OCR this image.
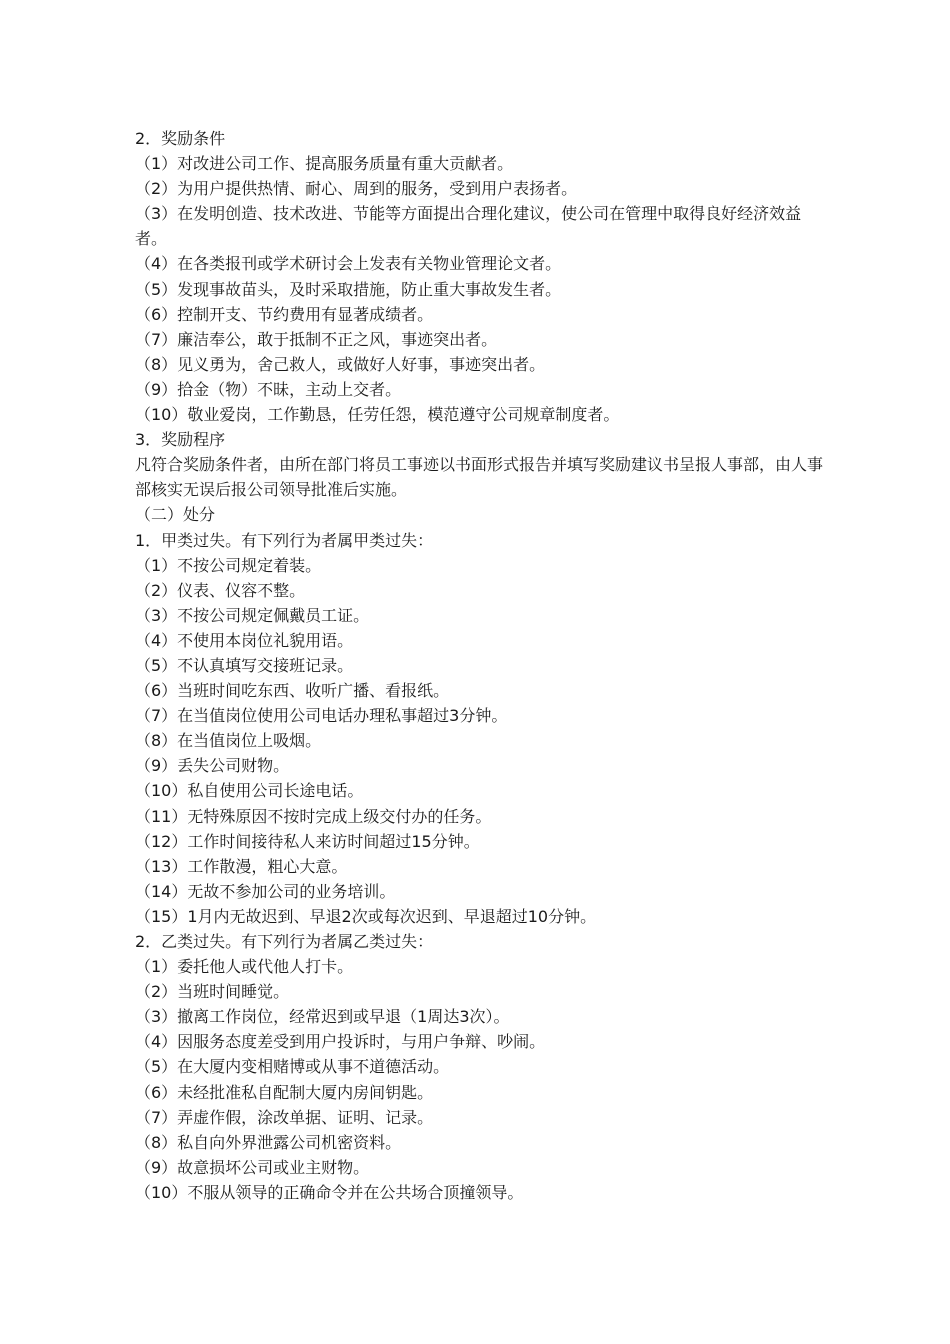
2．奖励条件
（1）对改进公司工作、提高服务质量有重大贡献者。
（2）为用户提供热情、耐心、周到的服务，受到用户表扬者。
（3）在发明创造、技术改进、节能等方面提出合理化建议，使公司在管理中取得良好经济效益者。
（4）在各类报刊或学术研讨会上发表有关物业管理论文者。
（5）发现事故苗头，及时采取措施，防止重大事故发生者。
（6）控制开支、节约费用有显著成绩者。
（7）廉洁奉公，敢于抵制不正之风，事迹突出者。
（8）见义勇为，舍己救人，或做好人好事，事迹突出者。
（9）拾金（物）不昧，主动上交者。
（10）敬业爱岗，工作勤恳，任劳任怨，模范遵守公司规章制度者。
3．奖励程序
凡符合奖励条件者，由所在部门将员工事迹以书面形式报告并填写奖励建议书呈报人事部，由人事部核实无误后报公司领导批准后实施。
（二）处分
1．甲类过失。有下列行为者属甲类过失：
（1）不按公司规定着装。
（2）仪表、仪容不整。
（3）不按公司规定佩戴员工证。
（4）不使用本岗位礼貌用语。
（5）不认真填写交接班记录。
（6）当班时间吃东西、收听广播、看报纸。
（7）在当值岗位使用公司电话办理私事超过3分钟。
（8）在当值岗位上吸烟。
（9）丢失公司财物。
（10）私自使用公司长途电话。
（11）无特殊原因不按时完成上级交付办的任务。
（12）工作时间接待私人来访时间超过15分钟。
（13）工作散漫，粗心大意。
（14）无故不参加公司的业务培训。
（15）1月内无故迟到、早退2次或每次迟到、早退超过10分钟。
2．乙类过失。有下列行为者属乙类过失：
（1）委托他人或代他人打卡。
（2）当班时间睡觉。
（3）撤离工作岗位，经常迟到或早退（1周达3次）。
（4）因服务态度差受到用户投诉时，与用户争辩、吵闹。
（5）在大厦内变相赌博或从事不道德活动。
（6）未经批准私自配制大厦内房间钥匙。
（7）弄虚作假，涂改单据、证明、记录。
（8）私自向外界泄露公司机密资料。
（9）故意损坏公司或业主财物。
（10）不服从领导的正确命令并在公共场合顶撞领导。
